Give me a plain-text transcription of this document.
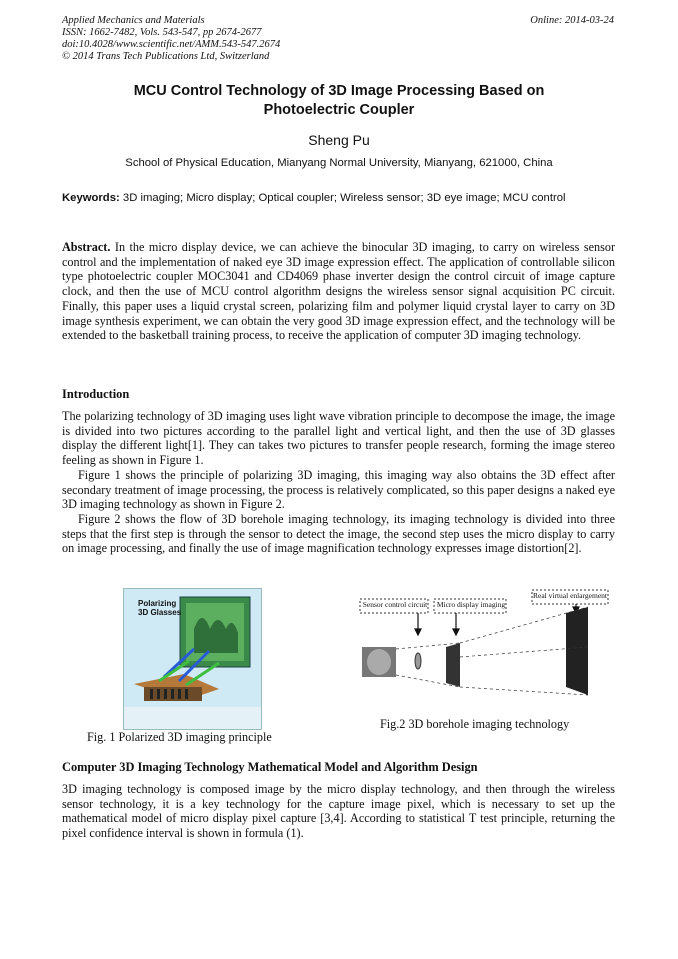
Applied Mechanics and Materials
ISSN: 1662-7482, Vols. 543-547, pp 2674-2677
doi:10.4028/www.scientific.net/AMM.543-547.2674
© 2014 Trans Tech Publications Ltd, Switzerland
Online: 2014-03-24
MCU Control Technology of 3D Image Processing Based on
Photoelectric Coupler
Sheng Pu
School of Physical Education, Mianyang Normal University, Mianyang, 621000, China
Keywords: 3D imaging; Micro display; Optical coupler; Wireless sensor; 3D eye image; MCU control

Abstract. In the micro display device, we can achieve the binocular 3D imaging, to carry on wireless sensor control and the implementation of naked eye 3D image expression effect. The application of controllable silicon type photoelectric coupler MOC3041 and CD4069 phase inverter design the control circuit of image capture clock, and then the use of MCU control algorithm designs the wireless sensor signal acquisition PC circuit. Finally, this paper uses a liquid crystal screen, polarizing film and polymer liquid crystal layer to carry on 3D image synthesis experiment, we can obtain the very good 3D image expression effect, and the technology will be extended to the basketball training process, to receive the application of computer 3D imaging technology.

Introduction

The polarizing technology of 3D imaging uses light wave vibration principle to decompose the image, the image is divided into two pictures according to the parallel light and vertical light, and then the use of 3D glasses display the different light[1]. They can takes two pictures to transfer people research, forming the image stereo feeling as shown in Figure 1.

Figure 1 shows the principle of polarizing 3D imaging, this imaging way also obtains the 3D effect after secondary treatment of image processing, the process is relatively complicated, so this paper designs a naked eye 3D imaging technology as shown in Figure 2.

Figure 2 shows the flow of 3D borehole imaging technology, its imaging technology is divided into three steps that the first step is through the sensor to detect the image, the second step uses the micro display to carry on image processing, and finally the use of image magnification technology expresses image distortion[2].

Polarizing 3D Glasses
Fig. 1 Polarized 3D imaging principle
Sensor control circuit Micro display imaging
Real virtual enlargement
Fig.2 3D borehole imaging technology
Computer 3D Imaging Technology Mathematical Model and Algorithm Design

3D imaging technology is composed image by the micro display technology, and then through the wireless sensor technology, it is a key technology for the capture image pixel, which is necessary to set up the mathematical model of micro display pixel capture [3,4]. According to statistical T test principle, returning the pixel confidence interval is shown in formula (1).
